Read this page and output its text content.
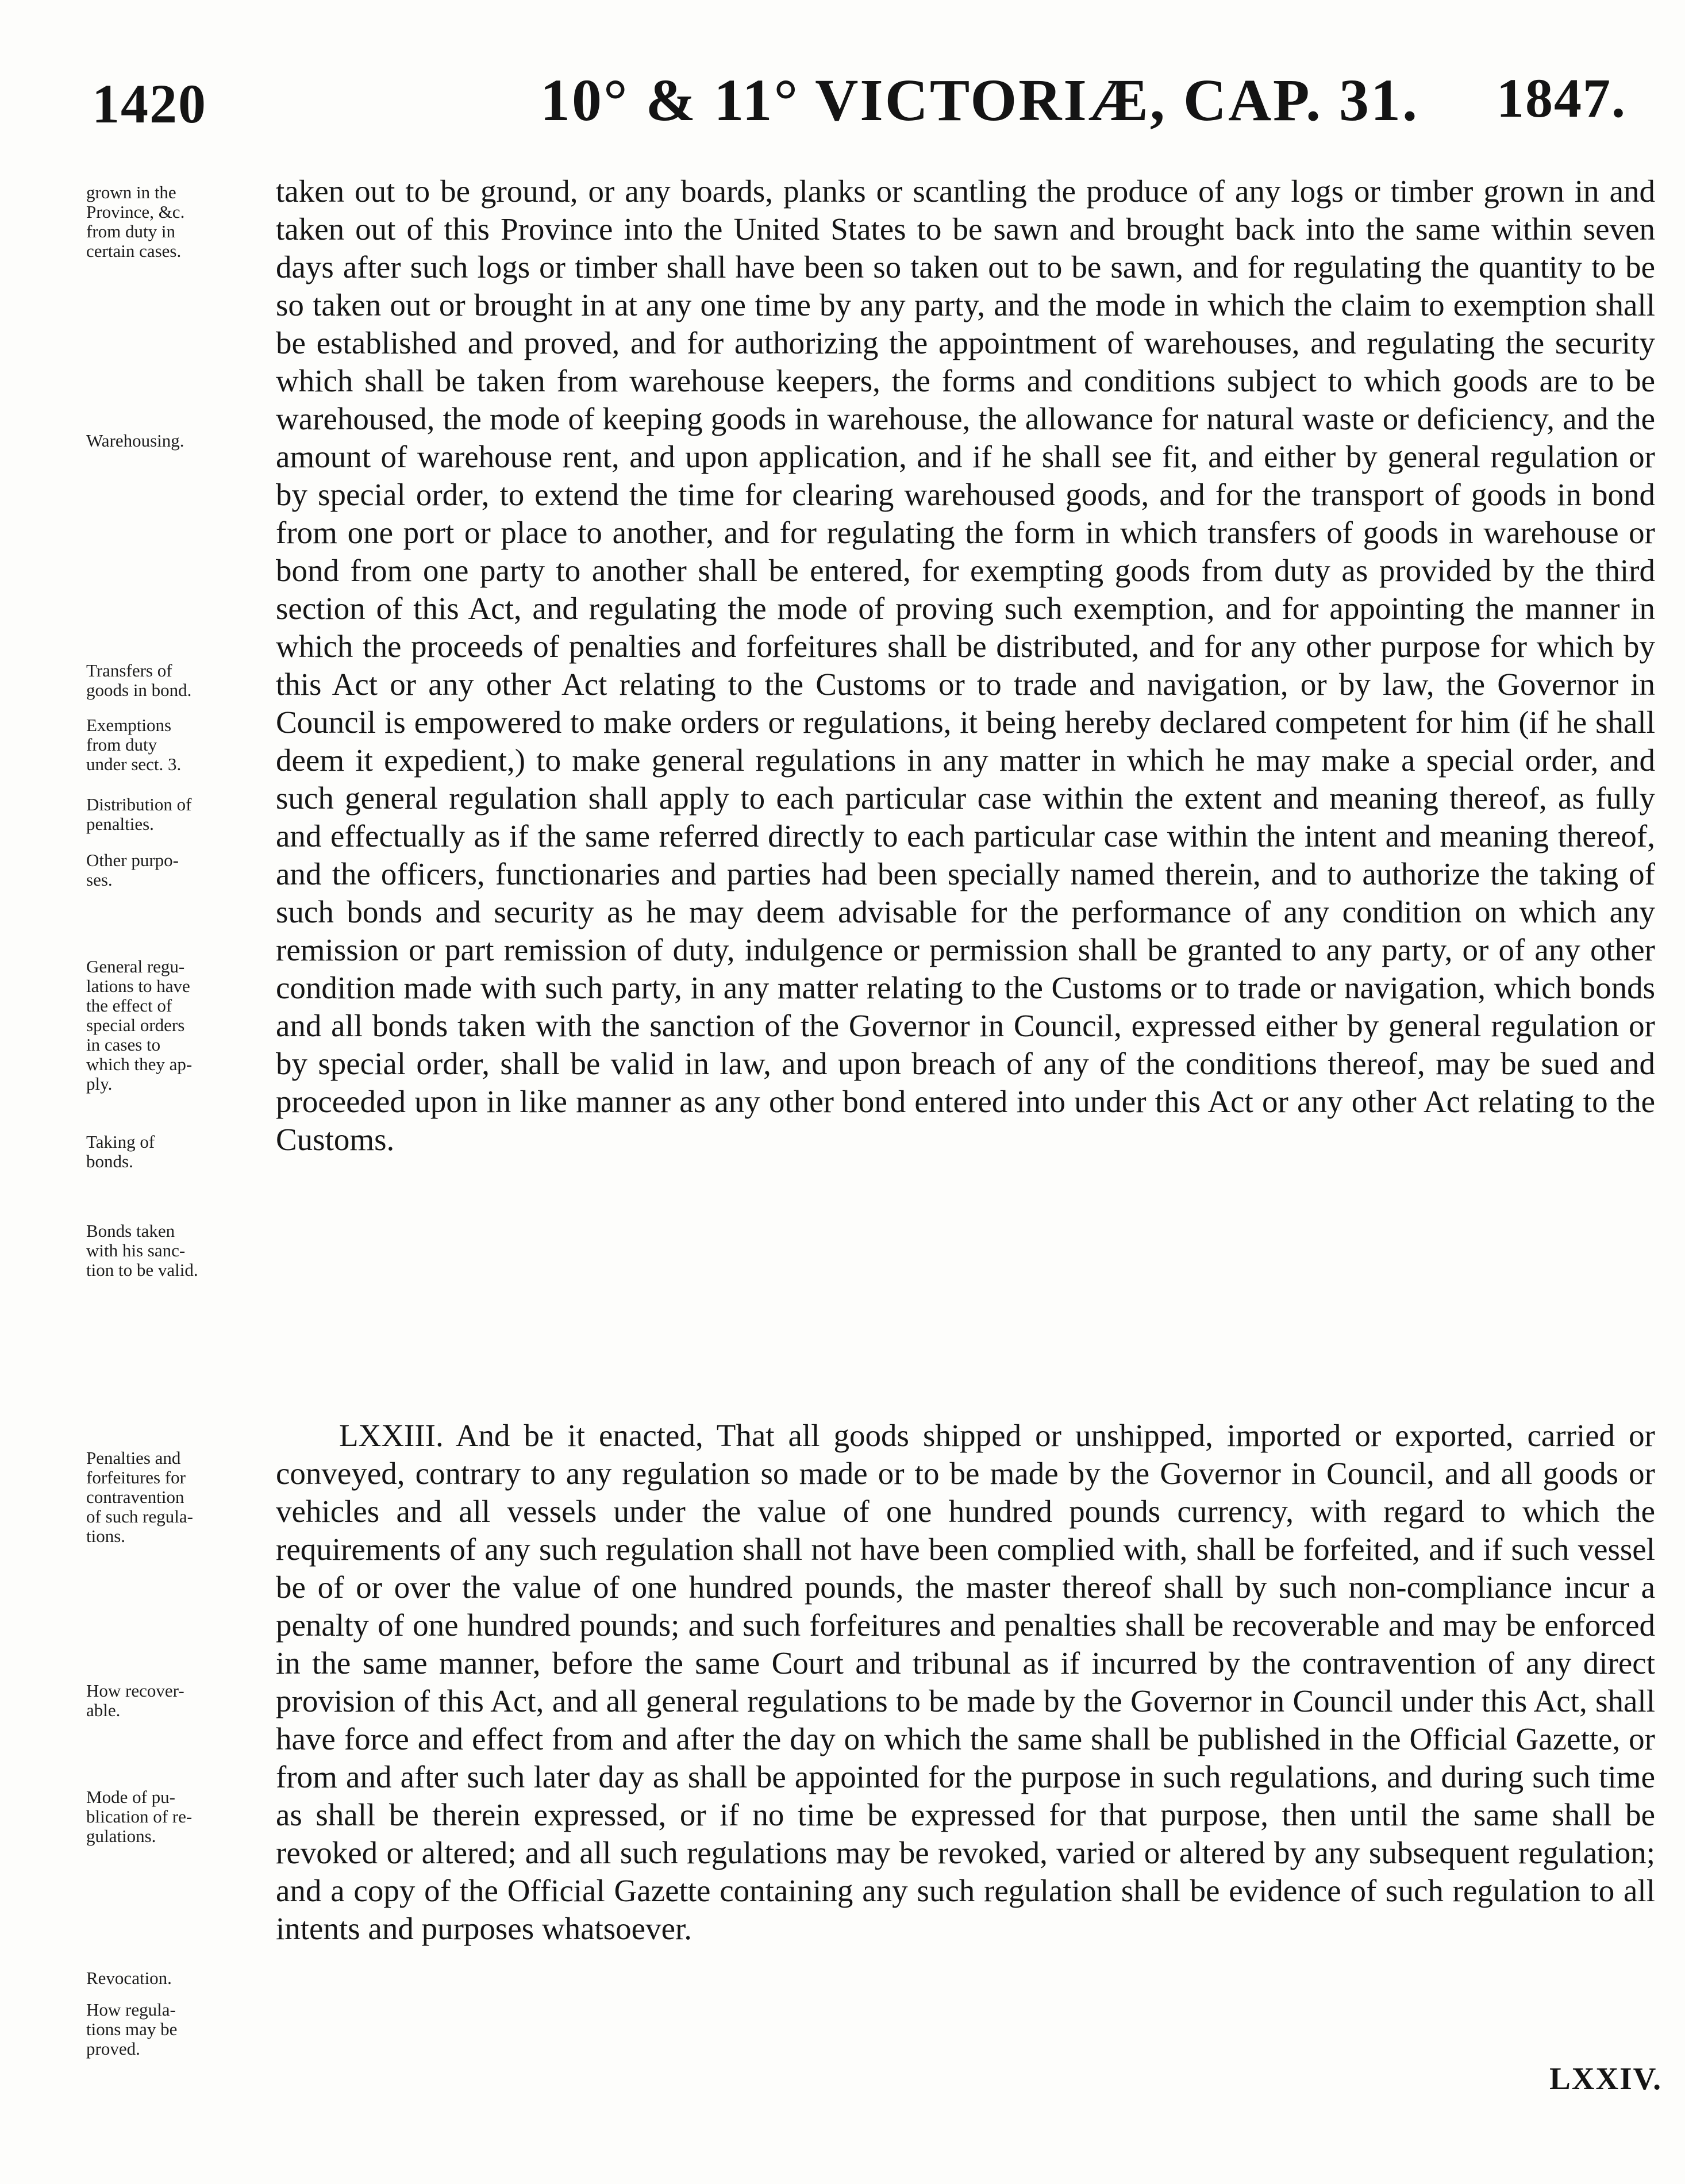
1420	10° & 11° VICTORIÆ, CAP. 31. 1847.
grown in the
Province, &c.
from duty in
certain cases.
Warehousing.
Transfers of
goods in bond.
Exemptions
from duty
under sect. 3.
Distribution of
penalties.
Other purpo-
ses.
General regu-
lations to have
the effect of
special orders
in cases to
which they ap-
ply.
Taking of
bonds.
Bonds taken
with his sanc-
tion to be valid.
Penalties and
forfeitures for
contravention
of such regula-
tions.
How recover-
able.
Mode of pu-
blication of re-
gulations.
Revocation.
How regula-
tions may be
proved.

taken out to be ground, or any boards, planks or scantling the produce of any logs or timber grown in and taken out of this Province into the United States to be sawn and brought back into the same within seven days after such logs or timber shall have been so taken out to be sawn, and for regulating the quantity to be so taken out or brought in at any one time by any party, and the mode in which the claim to exemption shall be established and proved, and for authorizing the appointment of warehouses, and regulating the security which shall be taken from warehouse keepers, the forms and conditions subject to which goods are to be warehoused, the mode of keeping goods in warehouse, the allowance for natural waste or deficiency, and the amount of warehouse rent, and upon application, and if he shall see fit, and either by general regulation or by special order, to extend the time for clearing warehoused goods, and for the transport of goods in bond from one port or place to another, and for regulating the form in which transfers of goods in warehouse or bond from one party to another shall be entered, for exempting goods from duty as provided by the third section of this Act, and regulating the mode of proving such exemption, and for appointing the manner in which the proceeds of penalties and forfeitures shall be distributed, and for any other purpose for which by this Act or any other Act relating to the Customs or to trade and navigation, or by law, the Governor in Council is empowered to make orders or regulations, it being hereby declared competent for him (if he shall deem it expedient,) to make general regulations in any matter in which he may make a special order, and such general regulation shall apply to each particular case within the extent and meaning thereof, as fully and effectually as if the same referred directly to each particular case within the intent and meaning thereof, and the officers, functionaries and parties had been specially named therein, and to authorize the taking of such bonds and security as he may deem advisable for the performance of any condition on which any remission or part remission of duty, indulgence or permission shall be granted to any party, or of any other condition made with such party, in any matter relating to the Customs or to trade or navigation, which bonds and all bonds taken with the sanction of the Governor in Council, expressed either by general regulation or by special order, shall be valid in law, and upon breach of any of the conditions thereof, may be sued and proceeded upon in like manner as any other bond entered into under this Act or any other Act relating to the Customs.

LXXIII. And be it enacted, That all goods shipped or unshipped, imported or exported, carried or conveyed, contrary to any regulation so made or to be made by the Governor in Council, and all goods or vehicles and all vessels under the value of one hundred pounds currency, with regard to which the requirements of any such regulation shall not have been complied with, shall be forfeited, and if such vessel be of or over the value of one hundred pounds, the master thereof shall by such non-compliance incur a penalty of one hundred pounds; and such forfeitures and penalties shall be recoverable and may be enforced in the same manner, before the same Court and tribunal as if incurred by the contravention of any direct provision of this Act, and all general regulations to be made by the Governor in Council under this Act, shall have force and effect from and after the day on which the same shall be published in the Official Gazette, or from and after such later day as shall be appointed for the purpose in such regulations, and during such time as shall be therein expressed, or if no time be expressed for that purpose, then until the same shall be revoked or altered; and all such regulations may be revoked, varied or altered by any subsequent regulation; and a copy of the Official Gazette containing any such regulation shall be evidence of such regulation to all intents and purposes whatsoever.

LXXIV.
